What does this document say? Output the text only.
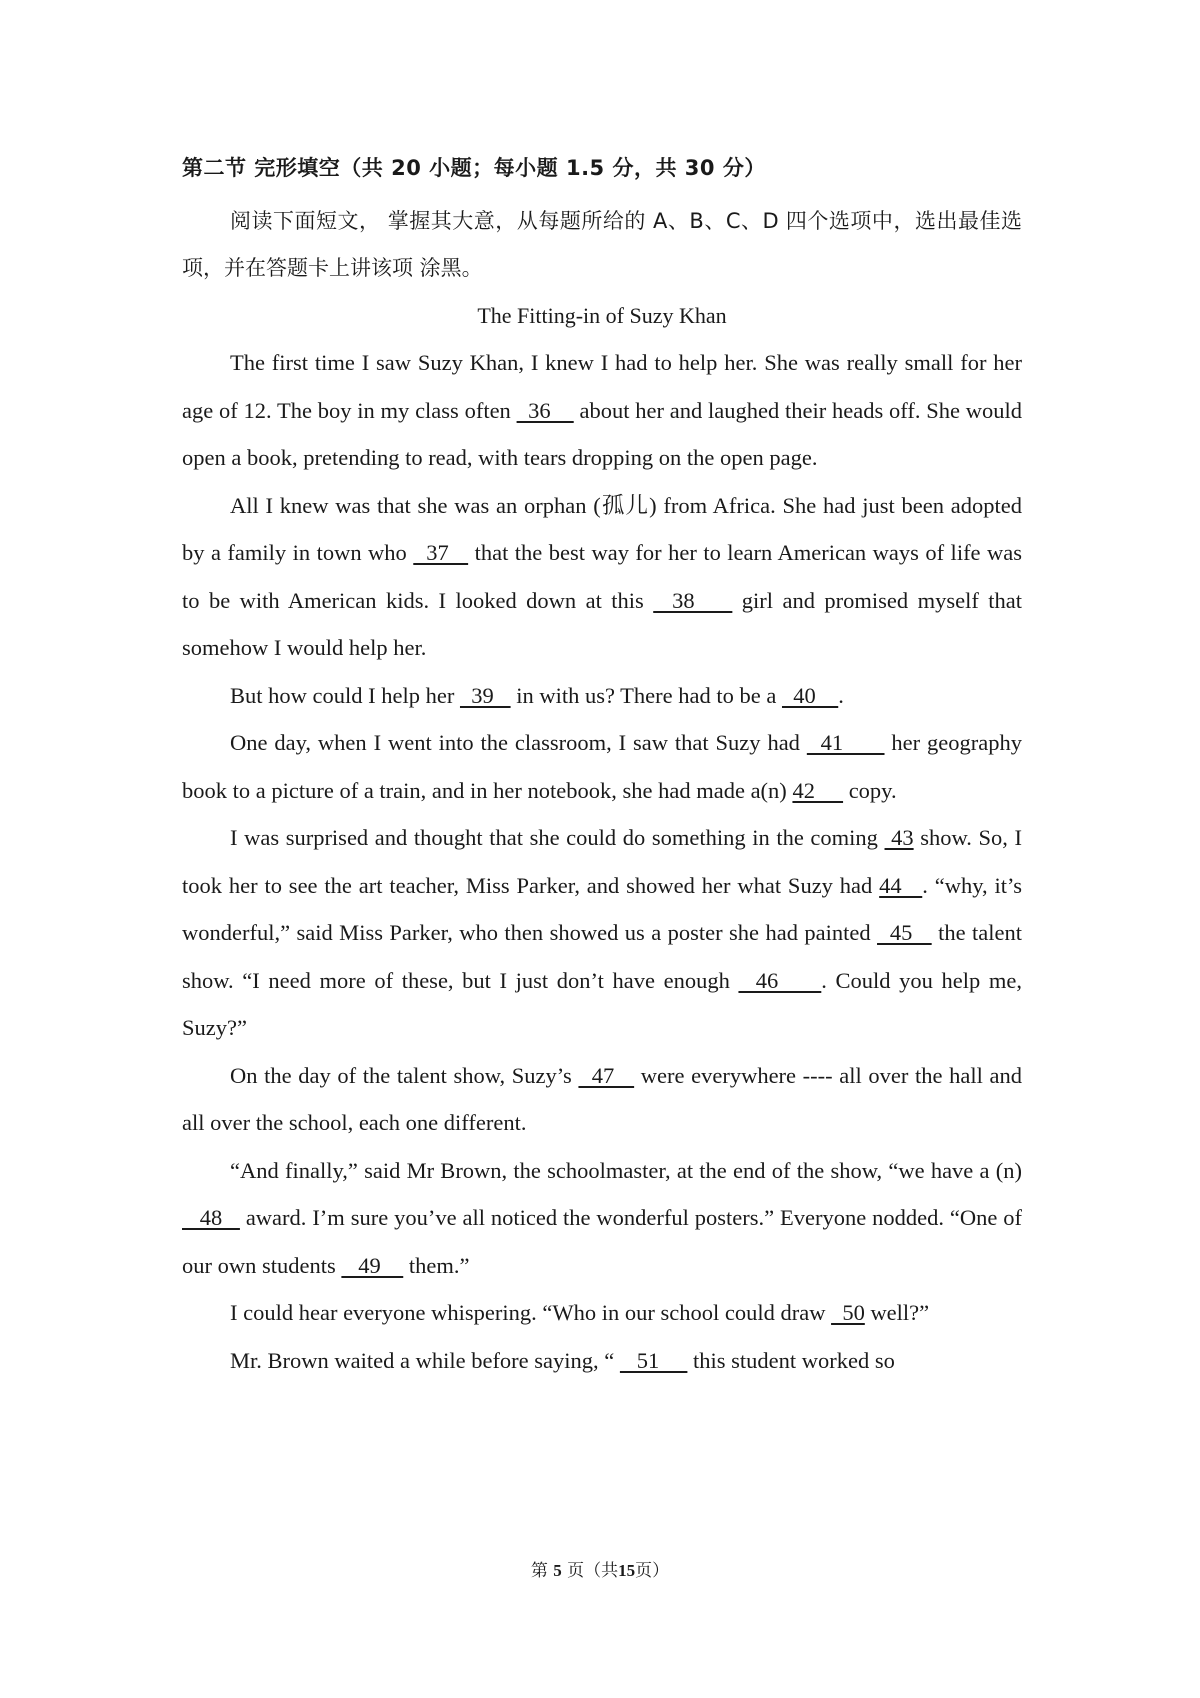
第二节 完形填空（共 20 小题；每小题 1.5 分，共 30 分）

阅读下面短文， 掌握其大意，从每题所给的 A、B、C、D 四个选项中，选出最佳选项，并在答题卡上讲该项 涂黑。

The Fitting-in of Suzy Khan

The first time I saw Suzy Khan, I knew I had to help her. She was really small for her age of 12. The boy in my class often   36     about her and laughed their heads off. She would open a book, pretending to read, with tears dropping on the open page.

All I knew was that she was an orphan (孤儿) from Africa. She had just been adopted by a family in town who   37    that the best way for her to learn American ways of life was to be with American kids. I looked down at this   38     girl and promised myself that somehow I would help her.

But how could I help her   39    in with us? There had to be a   40    .

One day, when I went into the classroom, I saw that Suzy had   41       her geography book to a picture of a train, and in her notebook, she had made a(n) 42      copy.

I was surprised and thought that she could do something in the coming  43 show. So, I took her to see the art teacher, Miss Parker, and showed her what Suzy had 44   . “why, it’s wonderful,” said Miss Parker, who then showed us a poster she had painted   45    the talent show. “I need more of these, but I just don’t have enough   46     . Could you help me, Suzy?”

On the day of the talent show, Suzy’s   47    were everywhere ---- all over the hall and all over the school, each one different.

“And finally,” said Mr Brown, the schoolmaster, at the end of the show, “we have a (n)   48    award. I’m sure you’ve all noticed the wonderful posters.” Everyone nodded. “One of our own students    49     them.”

I could hear everyone whispering. “Who in our school could draw   50 well?”

Mr. Brown waited a while before saying, “    51      this student worked so

第 5 页（共15页）
